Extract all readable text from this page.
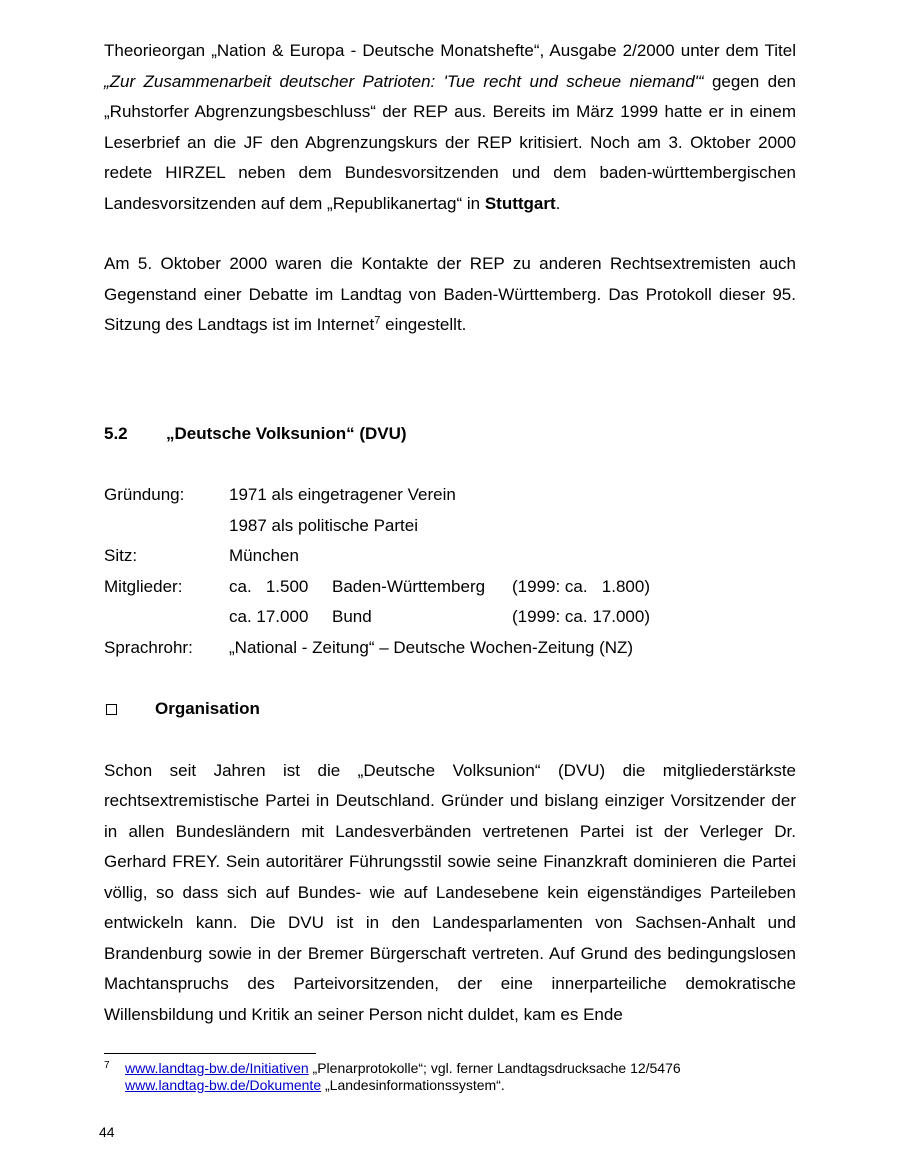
Theorieorgan „Nation & Europa - Deutsche Monatshefte“, Ausgabe 2/2000 unter dem Titel „Zur Zusammenarbeit deutscher Patrioten: 'Tue recht und scheue niemand'“ gegen den „Ruhstorfer Abgrenzungsbeschluss“ der REP aus. Bereits im März 1999 hatte er in einem Leserbrief an die JF den Abgrenzungskurs der REP kritisiert. Noch am 3. Oktober 2000 redete HIRZEL neben dem Bundesvorsitzenden und dem baden-württembergischen Landesvorsitzenden auf dem „Republikanertag“ in Stuttgart.

Am 5. Oktober 2000 waren die Kontakte der REP zu anderen Rechtsextremisten auch Gegenstand einer Debatte im Landtag von Baden-Württemberg. Das Protokoll dieser 95. Sitzung des Landtags ist im Internet$^7$ eingestellt.

5.2 „Deutsche Volksunion“ (DVU)
Gründung:	1971 als eingetragener Verein
1987 als politische Partei
Sitz:	München
Mitglieder:	ca.   1.500	Baden-Württemberg	(1999: ca.   1.800)
ca. 17.000	Bund	(1999: ca. 17.000)
Sprachrohr:	„National - Zeitung“ – Deutsche Wochen-Zeitung (NZ)
Organisation

Schon seit Jahren ist die „Deutsche Volksunion“ (DVU) die mitgliederstärkste rechtsextremistische Partei in Deutschland. Gründer und bislang einziger Vorsitzender der in allen Bundesländern mit Landesverbänden vertretenen Partei ist der Verleger Dr. Gerhard FREY. Sein autoritärer Führungsstil sowie seine Finanzkraft dominieren die Partei völlig, so dass sich auf Bundes- wie auf Landesebene kein eigenständiges Parteileben entwickeln kann. Die DVU ist in den Landesparlamenten von Sachsen-Anhalt und Brandenburg sowie in der Bremer Bürgerschaft vertreten. Auf Grund des bedingungslosen Machtanspruchs des Parteivorsitzenden, der eine innerparteiliche demokratische Willensbildung und Kritik an seiner Person nicht duldet, kam es Ende

7 www.landtag-bw.de/Initiativen „Plenarprotokolle“; vgl. ferner Landtagsdrucksache 12/5476
www.landtag-bw.de/Dokumente „Landesinformationssystem“.
44
